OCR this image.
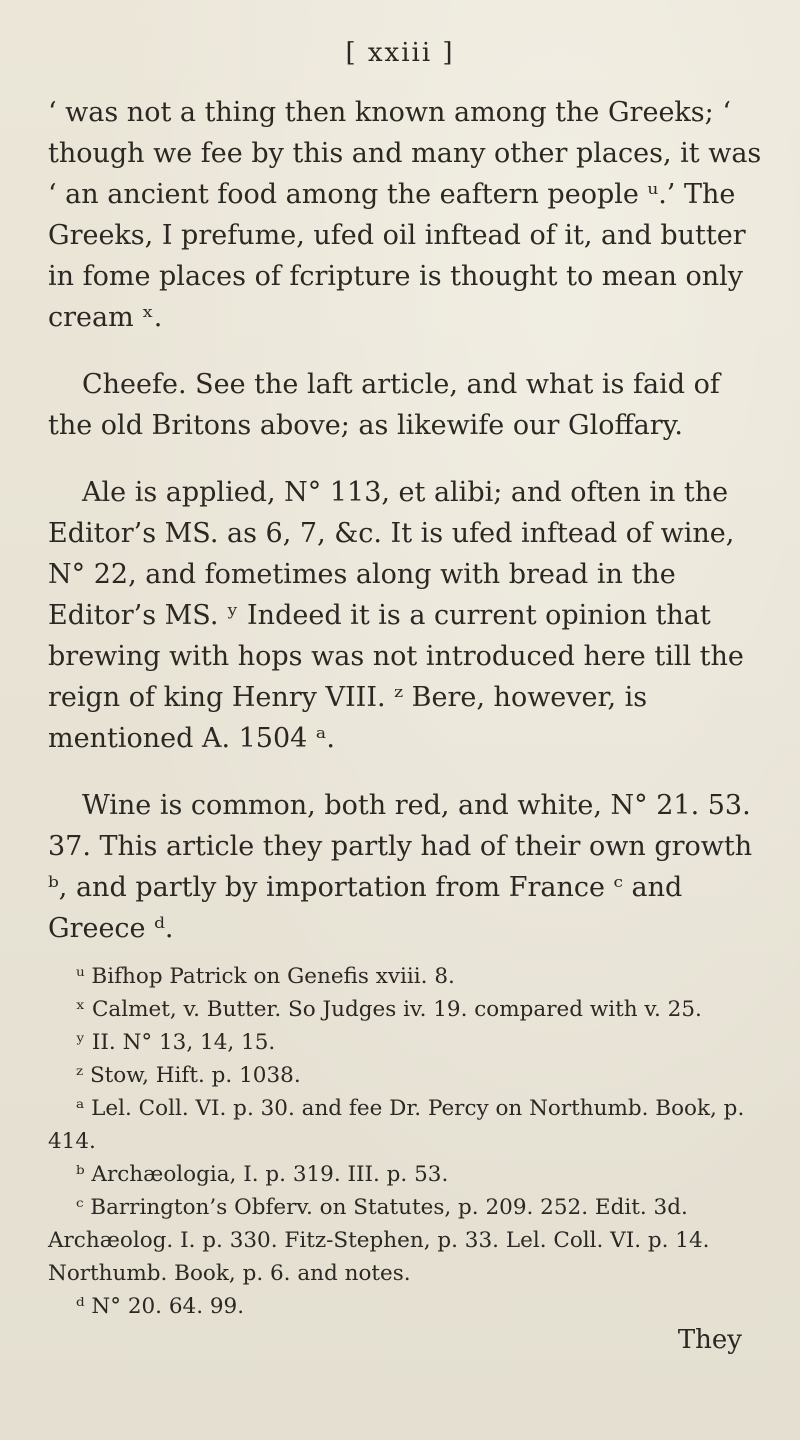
[ xxiii ]

‘ was not a thing then known among the Greeks; ‘ though we fee by this and many other places, it was ‘ an ancient food among the eaftern people ᵘ.’ The Greeks, I prefume, ufed oil inftead of it, and butter in fome places of fcripture is thought to mean only cream ˣ.

Cheefe. See the laft article, and what is faid of the old Britons above; as likewife our Gloffary.

Ale is applied, N° 113, et alibi; and often in the Editor’s MS. as 6, 7, &c. It is ufed inftead of wine, N° 22, and fometimes along with bread in the Editor’s MS. ʸ Indeed it is a current opinion that brewing with hops was not introduced here till the reign of king Henry VIII. ᶻ Bere, however, is mentioned A. 1504 ᵃ.

Wine is common, both red, and white, N° 21. 53. 37. This article they partly had of their own growth ᵇ, and partly by importation from France ᶜ and Greece ᵈ.

ᵘ Bifhop Patrick on Genefis xviii. 8.

ˣ Calmet, v. Butter. So Judges iv. 19. compared with v. 25.

ʸ II. N° 13, 14, 15.

ᶻ Stow, Hift. p. 1038.

ᵃ Lel. Coll. VI. p. 30. and fee Dr. Percy on Northumb. Book, p. 414.

ᵇ Archæologia, I. p. 319. III. p. 53.

ᶜ Barrington’s Obferv. on Statutes, p. 209. 252. Edit. 3d. Archæolog. I. p. 330. Fitz-Stephen, p. 33. Lel. Coll. VI. p. 14. Northumb. Book, p. 6. and notes.

ᵈ N° 20. 64. 99.

They
